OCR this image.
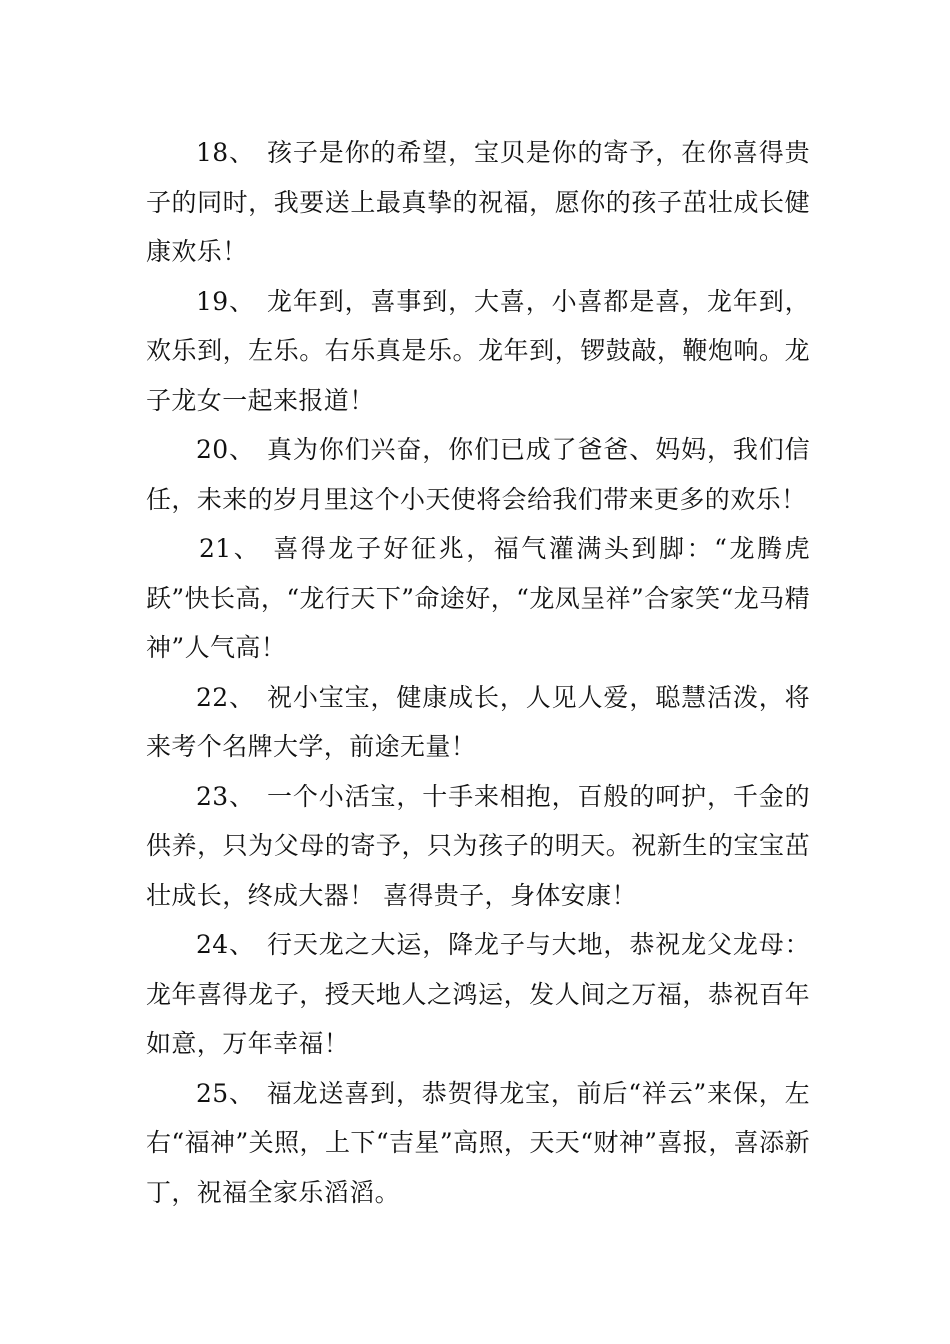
18、 孩子是你的希望，宝贝是你的寄予，在你喜得贵子的同时，我要送上最真挚的祝福，愿你的孩子茁壮成长健康欢乐！

19、 龙年到，喜事到，大喜，小喜都是喜，龙年到，欢乐到，左乐。右乐真是乐。龙年到，锣鼓敲，鞭炮响。龙子龙女一起来报道！

20、 真为你们兴奋，你们已成了爸爸、妈妈，我们信任，未来的岁月里这个小天使将会给我们带来更多的欢乐！

21、 喜得龙子好征兆，福气灌满头到脚：“龙腾虎跃”快长高，“龙行天下”命途好，“龙凤呈祥”合家笑“龙马精神”人气高！

22、 祝小宝宝，健康成长，人见人爱，聪慧活泼，将来考个名牌大学，前途无量！

23、 一个小活宝，十手来相抱，百般的呵护，千金的供养，只为父母的寄予，只为孩子的明天。祝新生的宝宝茁壮成长，终成大器！ 喜得贵子，身体安康！

24、 行天龙之大运，降龙子与大地，恭祝龙父龙母：龙年喜得龙子，授天地人之鸿运，发人间之万福，恭祝百年如意，万年幸福！

25、 福龙送喜到，恭贺得龙宝，前后“祥云”来保，左右“福神”关照，上下“吉星”高照，天天“财神”喜报，喜添新丁，祝福全家乐滔滔。
